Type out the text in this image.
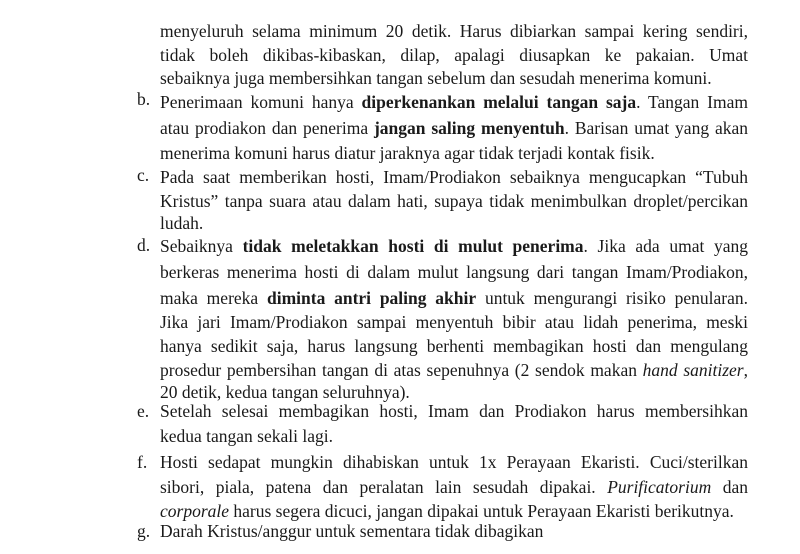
menyeluruh selama minimum 20 detik. Harus dibiarkan sampai kering sendiri,
tidak boleh dikibas-kibaskan, dilap, apalagi diusapkan ke pakaian. Umat
sebaiknya juga membersihkan tangan sebelum dan sesudah menerima komuni.
b. Penerimaan komuni hanya diperkenankan melalui tangan saja. Tangan Imam
atau prodiakon dan penerima jangan saling menyentuh. Barisan umat yang akan
menerima komuni harus diatur jaraknya agar tidak terjadi kontak fisik.
c. Pada saat memberikan hosti, Imam/Prodiakon sebaiknya mengucapkan “Tubuh
Kristus” tanpa suara atau dalam hati, supaya tidak menimbulkan droplet/percikan
ludah.
d. Sebaiknya tidak meletakkan hosti di mulut penerima. Jika ada umat yang
berkeras menerima hosti di dalam mulut langsung dari tangan Imam/Prodiakon,
maka mereka diminta antri paling akhir untuk mengurangi risiko penularan.
Jika jari Imam/Prodiakon sampai menyentuh bibir atau lidah penerima, meski
hanya sedikit saja, harus langsung berhenti membagikan hosti dan mengulang
prosedur pembersihan tangan di atas sepenuhnya (2 sendok makan hand sanitizer,
20 detik, kedua tangan seluruhnya).
e. Setelah selesai membagikan hosti, Imam dan Prodiakon harus membersihkan
kedua tangan sekali lagi.
f. Hosti sedapat mungkin dihabiskan untuk 1x Perayaan Ekaristi. Cuci/sterilkan
sibori, piala, patena dan peralatan lain sesudah dipakai. Purificatorium dan
corporale harus segera dicuci, jangan dipakai untuk Perayaan Ekaristi berikutnya.
g. Darah Kristus/anggur untuk sementara tidak dibagikan
